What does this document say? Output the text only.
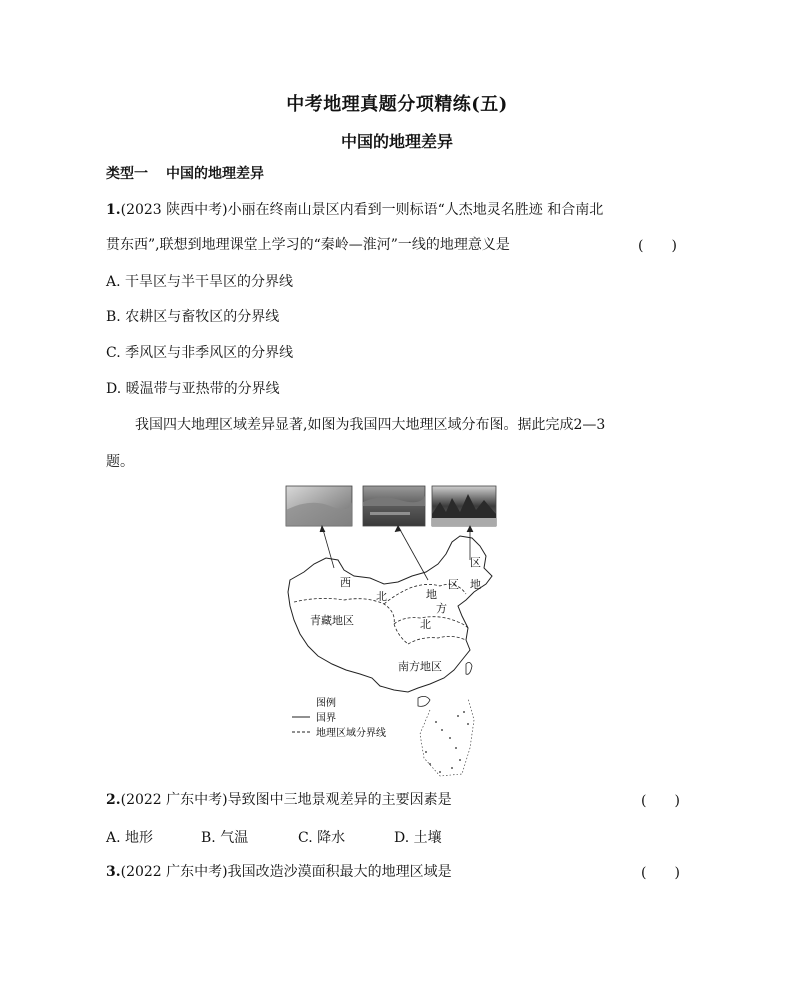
中考地理真题分项精练(五)
中国的地理差异
类型一 中国的地理差异
1.(2023 陕西中考)小丽在终南山景区内看到一则标语“人杰地灵名胜迹 和合南北
贯东西”,联想到地理课堂上学习的“秦岭—淮河”一线的地理意义是	(　　)
A. 干旱区与半干旱区的分界线
B. 农耕区与畜牧区的分界线
C. 季风区与非季风区的分界线
D. 暖温带与亚热带的分界线
我国四大地理区域差异显著,如图为我国四大地理区域分布图。据此完成2—3
题。
西
北
区
区
地
地
方
北
青藏地区
南方地区
图例
国界
地理区域分界线
2.(2022 广东中考)导致图中三地景观差异的主要因素是	(　　)
A. 地形	B. 气温	C. 降水	D. 土壤
3.(2022 广东中考)我国改造沙漠面积最大的地理区域是	(　　)
